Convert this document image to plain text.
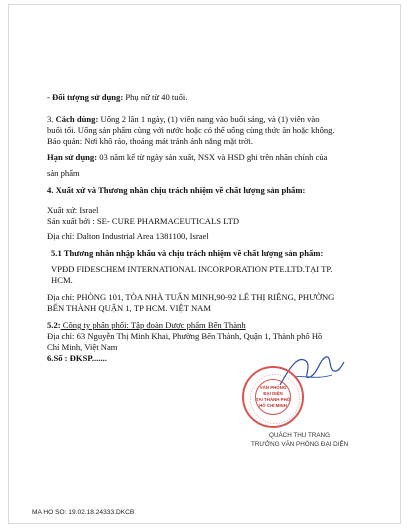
- Đối tượng sử dụng: Phụ nữ từ 40 tuổi.
3. Cách dùng: Uống 2 lần 1 ngày, (1) viên nang vào buổi sáng, và (1) viên vào
buổi tối. Uống sản phẩm cùng với nước hoặc có thể uống cùng thức ăn hoặc không.
Bảo quản: Nơi khô ráo, thoáng mát tránh ánh nắng mặt trời.
Hạn sử dụng: 03 năm kể từ ngày sản xuất, NSX và HSD ghi trên nhãn chính của
sản phẩm
4. Xuất xứ và Thương nhân chịu trách nhiệm về chất lượng sản phẩm:
Xuất xứ: Israel
Sản xuất bởi : SE- CURE PHARMACEUTICALS LTD
Địa chỉ: Dalton Industrial Area 1381100, Israel
5.1 Thương nhân nhập khẩu và chịu trách nhiệm về chất lượng sản phẩm:
VPĐD FIDESCHEM INTERNATIONAL INCORPORATION PTE.LTD.TẠI TP.
HCM.
Địa chỉ: PHÒNG 101, TÒA NHÀ TUẤN MINH,90-92 LÊ THỊ RIÊNG, PHƯỜNG
BẾN THÀNH QUẬN 1, TP HCM. VIỆT NAM
5.2: Công ty phân phối: Tập đoàn Dược phẩm Bến Thành
Địa chỉ: 63 Nguyễn Thị Minh Khai, Phường Bến Thành, Quận 1, Thành phố Hồ
Chí Minh, Việt Nam
6.Số : ĐKSP.......
VĂN PHÒNG
ĐẠI DIỆN
TẠI THÀNH PHỐ
HỒ CHÍ MINH
QUÁCH THU TRANG
TRƯỞNG VĂN PHÒNG ĐẠI DIỆN
MA HO SO: 19.02.18.24333.DKCB
